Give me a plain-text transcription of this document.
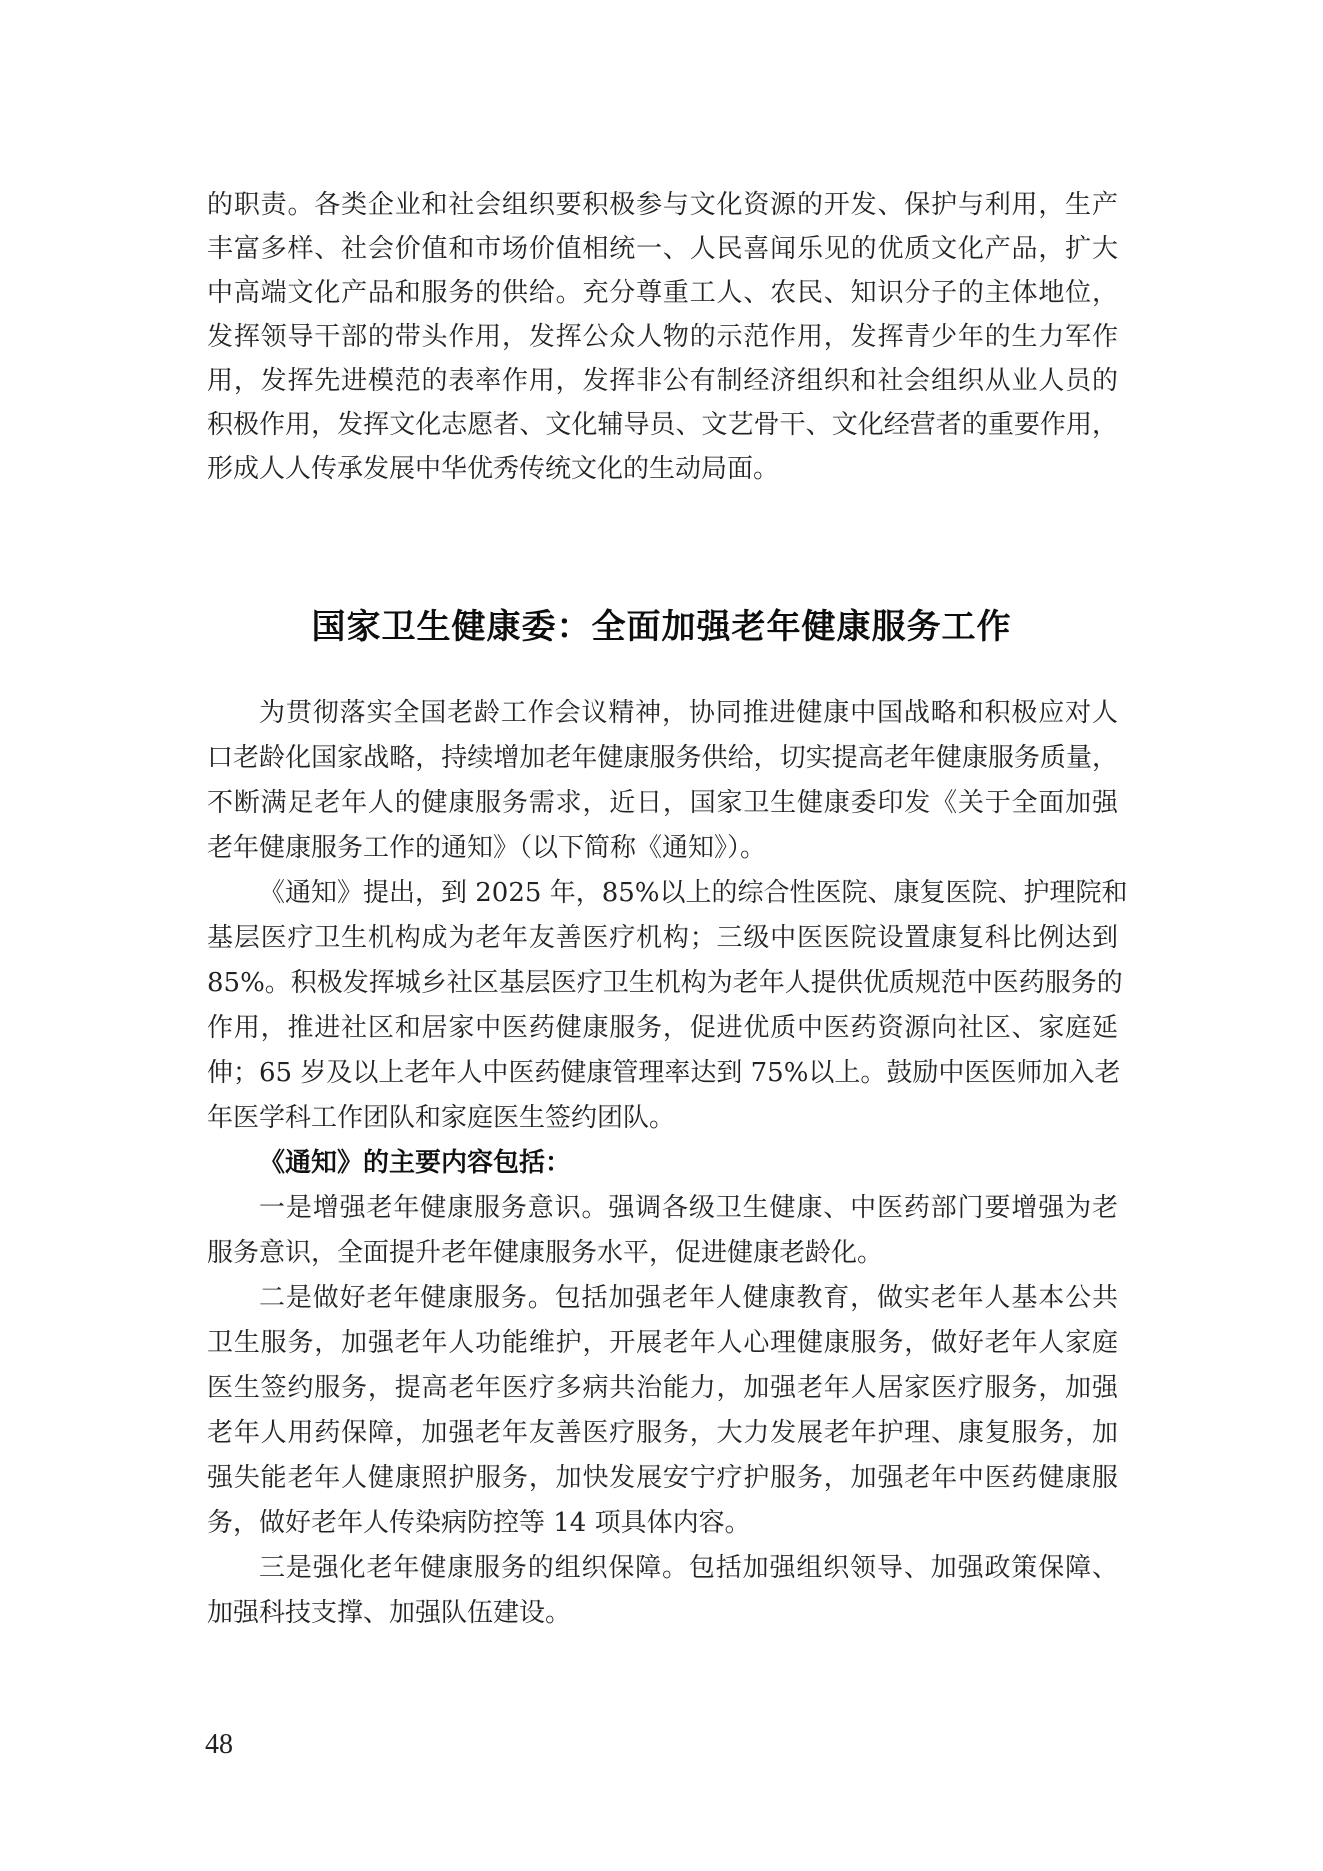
的职责。各类企业和社会组织要积极参与文化资源的开发、保护与利用，生产
丰富多样、社会价值和市场价值相统一、人民喜闻乐见的优质文化产品，扩大
中高端文化产品和服务的供给。充分尊重工人、农民、知识分子的主体地位，
发挥领导干部的带头作用，发挥公众人物的示范作用，发挥青少年的生力军作
用，发挥先进模范的表率作用，发挥非公有制经济组织和社会组织从业人员的
积极作用，发挥文化志愿者、文化辅导员、文艺骨干、文化经营者的重要作用，
形成人人传承发展中华优秀传统文化的生动局面。
国家卫生健康委：全面加强老年健康服务工作
为贯彻落实全国老龄工作会议精神，协同推进健康中国战略和积极应对人
口老龄化国家战略，持续增加老年健康服务供给，切实提高老年健康服务质量，
不断满足老年人的健康服务需求，近日，国家卫生健康委印发《关于全面加强
老年健康服务工作的通知》（以下简称《通知》）。
《通知》提出，到 2025 年，85%以上的综合性医院、康复医院、护理院和
基层医疗卫生机构成为老年友善医疗机构；三级中医医院设置康复科比例达到
85%。积极发挥城乡社区基层医疗卫生机构为老年人提供优质规范中医药服务的
作用，推进社区和居家中医药健康服务，促进优质中医药资源向社区、家庭延
伸；65 岁及以上老年人中医药健康管理率达到 75%以上。鼓励中医医师加入老
年医学科工作团队和家庭医生签约团队。
《通知》的主要内容包括：
一是增强老年健康服务意识。强调各级卫生健康、中医药部门要增强为老
服务意识，全面提升老年健康服务水平，促进健康老龄化。
二是做好老年健康服务。包括加强老年人健康教育，做实老年人基本公共
卫生服务，加强老年人功能维护，开展老年人心理健康服务，做好老年人家庭
医生签约服务，提高老年医疗多病共治能力，加强老年人居家医疗服务，加强
老年人用药保障，加强老年友善医疗服务，大力发展老年护理、康复服务，加
强失能老年人健康照护服务，加快发展安宁疗护服务，加强老年中医药健康服
务，做好老年人传染病防控等 14 项具体内容。
三是强化老年健康服务的组织保障。包括加强组织领导、加强政策保障、
加强科技支撑、加强队伍建设。
48
